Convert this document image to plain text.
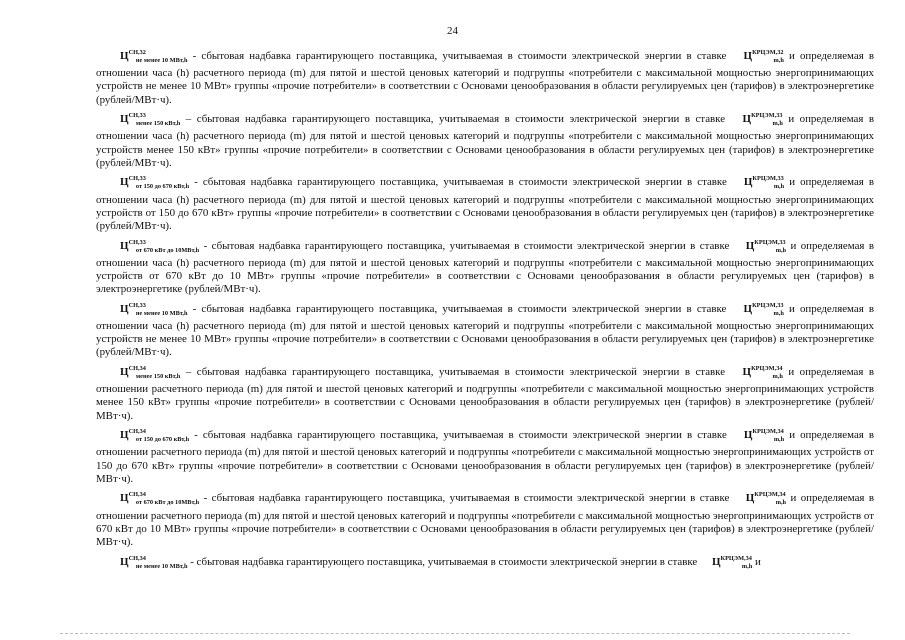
24

$Ц^{СН,32}_{не менее 10 МВт,h}$ - сбытовая надбавка гарантирующего поставщика, учитываемая в стоимости электрической энергии в ставке $Ц^{КРЦЭМ,32}_{m,h}$ и определяемая в отношении часа (h) расчетного периода (m) для пятой и шестой ценовых категорий и подгруппы «потребители с максимальной мощностью энергопринимающих устройств не менее 10 МВт» группы «прочие потребители» в соответствии с Основами ценообразования в области регулируемых цен (тарифов) в электроэнергетике (рублей/МВт·ч).

$Ц^{СН,33}_{менее 150 кВт,h}$ – сбытовая надбавка гарантирующего поставщика, учитываемая в стоимости электрической энергии в ставке $Ц^{КРЦЭМ,33}_{m,h}$ и определяемая в отношении часа (h) расчетного периода (m) для пятой и шестой ценовых категорий и подгруппы «потребители с максимальной мощностью энергопринимающих устройств менее 150 кВт» группы «прочие потребители» в соответствии с Основами ценообразования в области регулируемых цен (тарифов) в электроэнергетике (рублей/МВт·ч).

$Ц^{СН,33}_{от 150 до 670 кВт,h}$ - сбытовая надбавка гарантирующего поставщика, учитываемая в стоимости электрической энергии в ставке $Ц^{КРЦЭМ,33}_{m,h}$ и определяемая в отношении часа (h) расчетного периода (m) для пятой и шестой ценовых категорий и подгруппы «потребители с максимальной мощностью энергопринимающих устройств от 150 до 670 кВт» группы «прочие потребители» в соответствии с Основами ценообразования в области регулируемых цен (тарифов) в электроэнергетике (рублей/МВт·ч).

$Ц^{СН,33}_{от 670 кВт до 10МВт,h}$ - сбытовая надбавка гарантирующего поставщика, учитываемая в стоимости электрической энергии в ставке $Ц^{КРЦЭМ,33}_{m,h}$ и определяемая в отношении часа (h) расчетного периода (m) для пятой и шестой ценовых категорий и подгруппы «потребители с максимальной мощностью энергопринимающих устройств от 670 кВт до 10 МВт» группы «прочие потребители» в соответствии с Основами ценообразования в области регулируемых цен (тарифов) в электроэнергетике (рублей/МВт·ч).

$Ц^{СН,33}_{не менее 10 МВт,h}$ - сбытовая надбавка гарантирующего поставщика, учитываемая в стоимости электрической энергии в ставке $Ц^{КРЦЭМ,33}_{m,h}$ и определяемая в отношении часа (h) расчетного периода (m) для пятой и шестой ценовых категорий и подгруппы «потребители с максимальной мощностью энергопринимающих устройств не менее 10 МВт» группы «прочие потребители» в соответствии с Основами ценообразования в области регулируемых цен (тарифов) в электроэнергетике (рублей/МВт·ч).

$Ц^{СН,34}_{менее 150 кВт,h}$ – сбытовая надбавка гарантирующего поставщика, учитываемая в стоимости электрической энергии в ставке $Ц^{КРЦЭМ,34}_{m,h}$ и определяемая в отношении расчетного периода (m) для пятой и шестой ценовых категорий и подгруппы «потребители с максимальной мощностью энергопринимающих устройств менее 150 кВт» группы «прочие потребители» в соответствии с Основами ценообразования в области регулируемых цен (тарифов) в электроэнергетике (рублей/МВт·ч).

$Ц^{СН,34}_{от 150 до 670 кВт,h}$ - сбытовая надбавка гарантирующего поставщика, учитываемая в стоимости электрической энергии в ставке $Ц^{КРЦЭМ,34}_{m,h}$ и определяемая в отношении расчетного периода (m) для пятой и шестой ценовых категорий и подгруппы «потребители с максимальной мощностью энергопринимающих устройств от 150 до 670 кВт» группы «прочие потребители» в соответствии с Основами ценообразования в области регулируемых цен (тарифов) в электроэнергетике (рублей/МВт·ч).

$Ц^{СН,34}_{от 670 кВт до 10МВт,h}$ - сбытовая надбавка гарантирующего поставщика, учитываемая в стоимости электрической энергии в ставке $Ц^{КРЦЭМ,34}_{m,h}$ и определяемая в отношении расчетного периода (m) для пятой и шестой ценовых категорий и подгруппы «потребители с максимальной мощностью энергопринимающих устройств от 670 кВт до 10 МВт» группы «прочие потребители» в соответствии с Основами ценообразования в области регулируемых цен (тарифов) в электроэнергетике (рублей/МВт·ч).

$Ц^{СН,34}_{не менее 10 МВт,h}$ - сбытовая надбавка гарантирующего поставщика, учитываемая в стоимости электрической энергии в ставке $Ц^{КРЦЭМ,34}_{m,h}$ и
